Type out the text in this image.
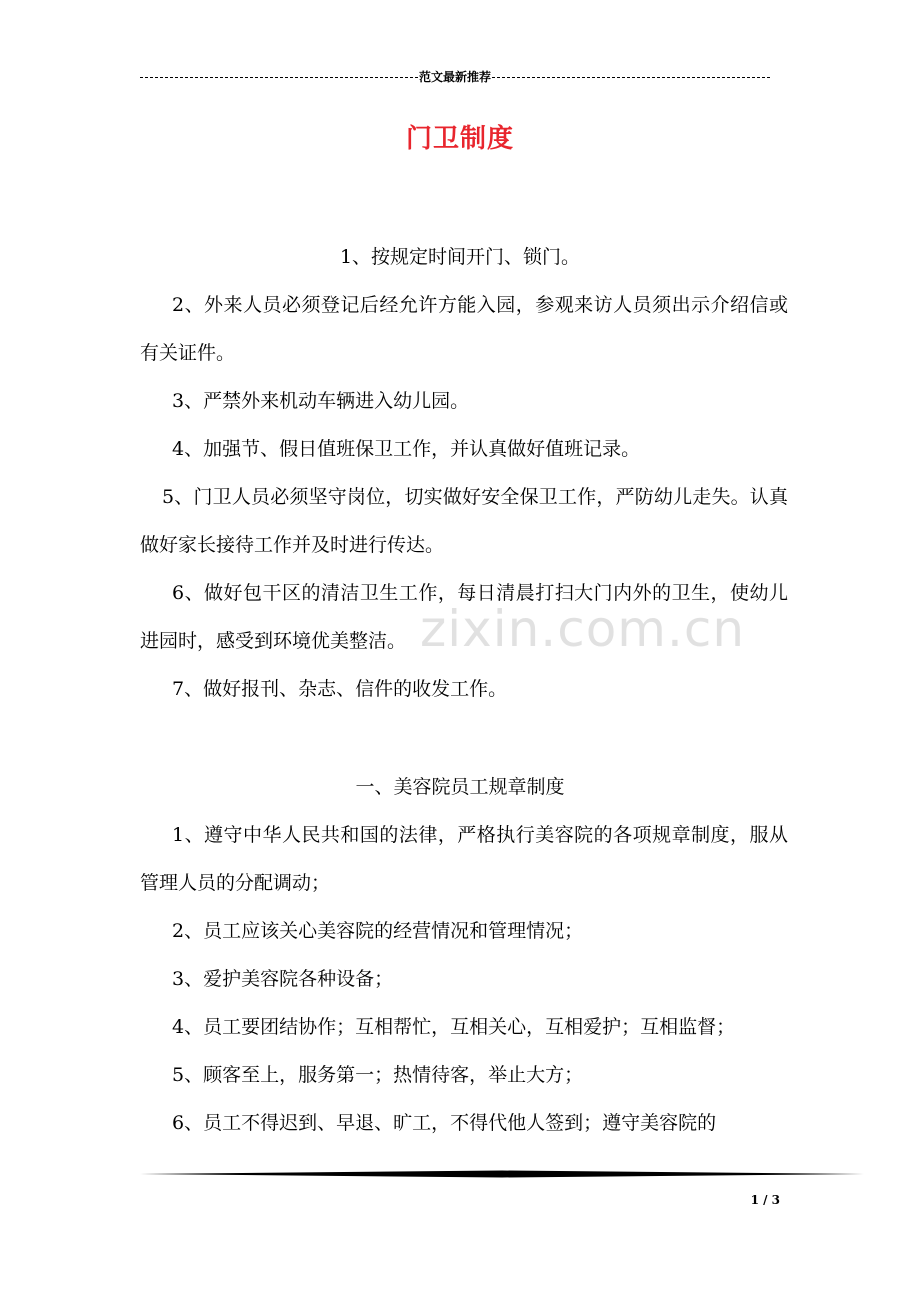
范文最新推荐
门卫制度
1、按规定时间开门、锁门。
2、外来人员必须登记后经允许方能入园，参观来访人员须出示介绍信或有关证件。
3、严禁外来机动车辆进入幼儿园。
4、加强节、假日值班保卫工作，并认真做好值班记录。
5、门卫人员必须坚守岗位，切实做好安全保卫工作，严防幼儿走失。认真做好家长接待工作并及时进行传达。
6、做好包干区的清洁卫生工作，每日清晨打扫大门内外的卫生，使幼儿进园时，感受到环境优美整洁。
7、做好报刊、杂志、信件的收发工作。
一、美容院员工规章制度
1、遵守中华人民共和国的法律，严格执行美容院的各项规章制度，服从管理人员的分配调动；
2、员工应该关心美容院的经营情况和管理情况；
3、爱护美容院各种设备；
4、员工要团结协作；互相帮忙，互相关心，互相爱护；互相监督；
5、顾客至上，服务第一；热情待客，举止大方；
6、员工不得迟到、早退、旷工，不得代他人签到；遵守美容院的
zixin.com.cn
1 / 3
